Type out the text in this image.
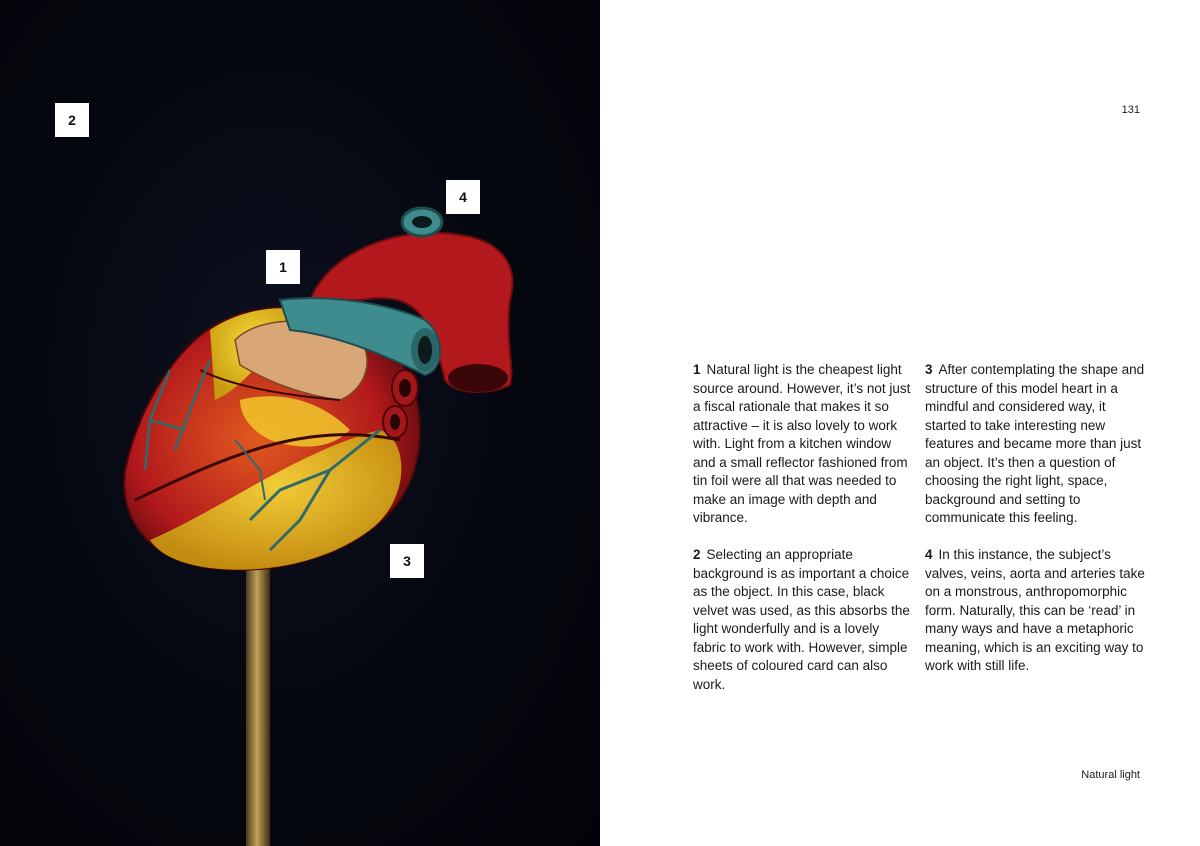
2
1
4
3
131

1 Natural light is the cheapest light source around. However, it’s not just a fiscal rationale that makes it so attractive – it is also lovely to work with. Light from a kitchen window and a small reflector fashioned from tin foil were all that was needed to make an image with depth and vibrance.

2 Selecting an appropriate background is as important a choice as the object. In this case, black velvet was used, as this absorbs the light wonderfully and is a lovely fabric to work with. However, simple sheets of coloured card can also work.

3 After contemplating the shape and structure of this model heart in a mindful and considered way, it started to take interesting new features and became more than just an object. It’s then a question of choosing the right light, space, background and setting to communicate this feeling.

4 In this instance, the subject’s valves, veins, aorta and arteries take on a monstrous, anthropomorphic form. Naturally, this can be ‘read’ in many ways and have a metaphoric meaning, which is an exciting way to work with still life.

Natural light
